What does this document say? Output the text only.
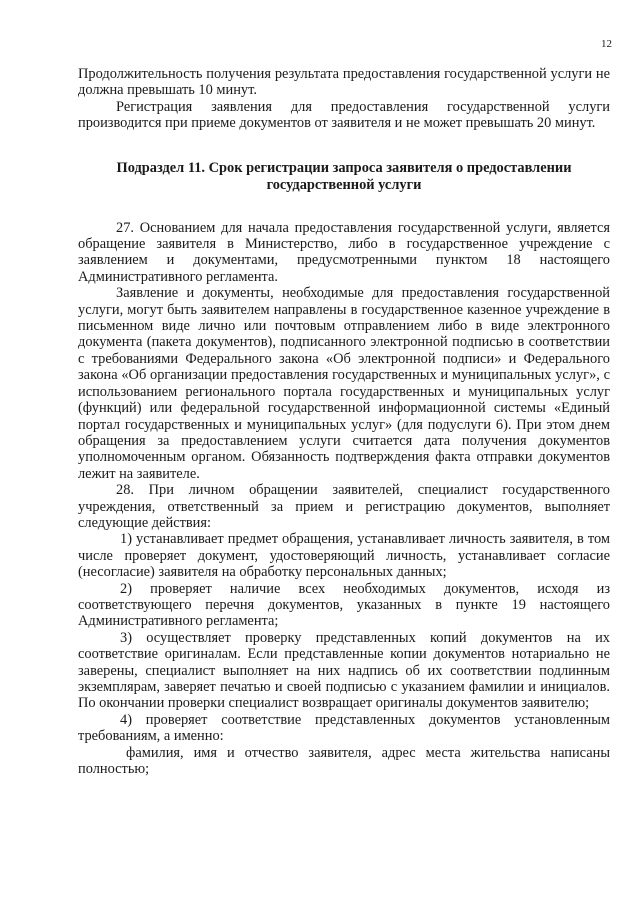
12

Продолжительность получения результата предоставления государственной услуги не должна превышать 10 минут.

Регистрация заявления для предоставления государственной услуги производится при приеме документов от заявителя и не может превышать 20 минут.

Подраздел 11. Срок регистрации запроса заявителя о предоставлении государственной услуги

27. Основанием для начала предоставления государственной услуги, является обращение заявителя в Министерство, либо в государственное учреждение с заявлением и документами, предусмотренными пунктом 18 настоящего Административного регламента.

Заявление и документы, необходимые для предоставления государственной услуги, могут быть заявителем направлены в государственное казенное учреждение в письменном виде лично или почтовым отправлением либо в виде электронного документа (пакета документов), подписанного электронной подписью в соответствии с требованиями Федерального закона «Об электронной подписи» и Федерального закона «Об организации предоставления государственных и муниципальных услуг», с использованием регионального портала государственных и муниципальных услуг (функций) или федеральной государственной информационной системы «Единый портал государственных и муниципальных услуг» (для подуслуги 6). При этом днем обращения за предоставлением услуги считается дата получения документов уполномоченным органом. Обязанность подтверждения факта отправки документов лежит на заявителе.

28. При личном обращении заявителей, специалист государственного учреждения, ответственный за прием и регистрацию документов, выполняет следующие действия:

1) устанавливает предмет обращения, устанавливает личность заявителя, в том числе проверяет документ, удостоверяющий личность, устанавливает согласие (несогласие) заявителя на обработку персональных данных;

2) проверяет наличие всех необходимых документов, исходя из соответствующего перечня документов, указанных в пункте 19 настоящего Административного регламента;

3) осуществляет проверку представленных копий документов на их соответствие оригиналам. Если представленные копии документов нотариально не заверены, специалист выполняет на них надпись об их соответствии подлинным экземплярам, заверяет печатью и своей подписью с указанием фамилии и инициалов. По окончании проверки специалист возвращает оригиналы документов заявителю;

4) проверяет соответствие представленных документов установленным требованиям, а именно:

фамилия, имя и отчество заявителя, адрес места жительства написаны полностью;
